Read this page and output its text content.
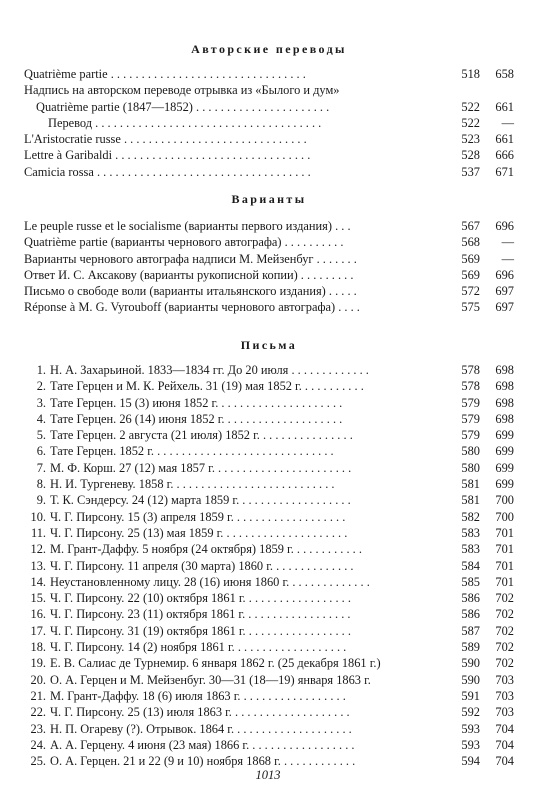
Авторские переводы
Quatrième partie . . . . . . . . . . . . . . . . . . . . . . . . . . . . . . . .	518	658
Надпись на авторском переводе отрывка из «Былого и дум»
Quatrième partie (1847—1852) . . . . . . . . . . . . . . . . . . . . . .	522	661
Перевод . . . . . . . . . . . . . . . . . . . . . . . . . . . . . . . . . . . . .	522	—
L'Aristocratie russe . . . . . . . . . . . . . . . . . . . . . . . . . . . . . .	523	661
Lettre à Garibaldi . . . . . . . . . . . . . . . . . . . . . . . . . . . . . . . .	528	666
Camicia rossa . . . . . . . . . . . . . . . . . . . . . . . . . . . . . . . . . . .	537	671
Варианты
Le peuple russe et le socialisme (варианты первого издания) . . .	567	696
Quatrième partie (варианты чернового автографа) . . . . . . . . . .	568	—
Варианты чернового автографа надписи М. Мейзенбуг . . . . . . .	569	—
Ответ И. С. Аксакову (варианты рукописной копии) . . . . . . . . .	569	696
Письмо о свободе воли (варианты итальянского издания) . . . . .	572	697
Réponse à M. G. Vyrouboff (варианты чернового автографа) . . . .	575	697
Письма
1. Н. А. Захарьиной. 1833—1834 гг. До 20 июля . . . . . . . . . . . . .	578	698
2. Тате Герцен и М. К. Рейхель. 31 (19) мая 1852 г. . . . . . . . . . .	578	698
3. Тате Герцен. 15 (3) июня 1852 г. . . . . . . . . . . . . . . . . . . . .	579	698
4. Тате Герцен. 26 (14) июня 1852 г. . . . . . . . . . . . . . . . . . . .	579	698
5. Тате Герцен. 2 августа (21 июля) 1852 г. . . . . . . . . . . . . . . .	579	699
6. Тате Герцен. 1852 г. . . . . . . . . . . . . . . . . . . . . . . . . . . . . .	580	699
7. М. Ф. Корш. 27 (12) мая 1857 г. . . . . . . . . . . . . . . . . . . . . . .	580	699
8. Н. И. Тургеневу. 1858 г. . . . . . . . . . . . . . . . . . . . . . . . . . .	581	699
9. Т. К. Сэндерсу. 24 (12) марта 1859 г. . . . . . . . . . . . . . . . . . .	581	700
10. Ч. Г. Пирсону. 15 (3) апреля 1859 г. . . . . . . . . . . . . . . . . . .	582	700
11. Ч. Г. Пирсону. 25 (13) мая 1859 г. . . . . . . . . . . . . . . . . . . . .	583	701
12. М. Грант-Даффу. 5 ноября (24 октября) 1859 г. . . . . . . . . . . .	583	701
13. Ч. Г. Пирсону. 11 апреля (30 марта) 1860 г. . . . . . . . . . . . . .	584	701
14. Неустановленному лицу. 28 (16) июня 1860 г. . . . . . . . . . . . . .	585	701
15. Ч. Г. Пирсону. 22 (10) октября 1861 г. . . . . . . . . . . . . . . . . .	586	702
16. Ч. Г. Пирсону. 23 (11) октября 1861 г. . . . . . . . . . . . . . . . . .	586	702
17. Ч. Г. Пирсону. 31 (19) октября 1861 г. . . . . . . . . . . . . . . . . .	587	702
18. Ч. Г. Пирсону. 14 (2) ноября 1861 г. . . . . . . . . . . . . . . . . . .	589	702
19. Е. В. Салиас де Турнемир. 6 января 1862 г. (25 декабря 1861 г.)	590	702
20. О. А. Герцен и М. Мейзенбуг. 30—31 (18—19) января 1863 г.	590	703
21. М. Грант-Даффу. 18 (6) июля 1863 г. . . . . . . . . . . . . . . . . .	591	703
22. Ч. Г. Пирсону. 25 (13) июля 1863 г. . . . . . . . . . . . . . . . . . . .	592	703
23. Н. П. Огареву (?). Отрывок. 1864 г. . . . . . . . . . . . . . . . . . . .	593	704
24. А. А. Герцену. 4 июня (23 мая) 1866 г. . . . . . . . . . . . . . . . . .	593	704
25. О. А. Герцен. 21 и 22 (9 и 10) ноября 1868 г. . . . . . . . . . . . .	594	704
1013
